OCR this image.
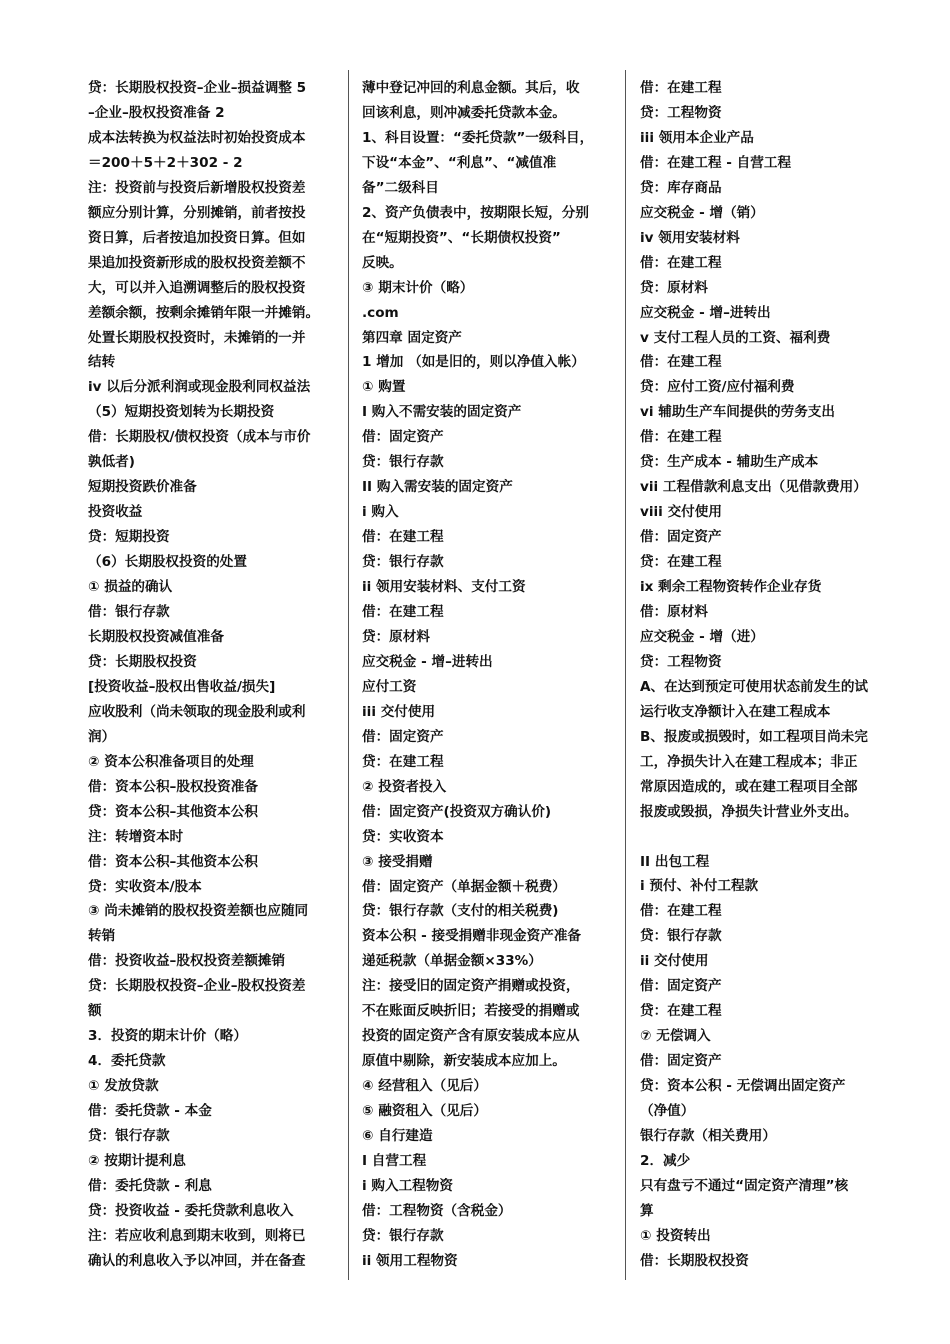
贷：长期股权投资–企业–损益调整 5

–企业–股权投资准备 2

成本法转换为权益法时初始投资成本

＝200＋5＋2＋302 - 2

注：投资前与投资后新增股权投资差

额应分别计算，分别摊销，前者按投

资日算，后者按追加投资日算。但如

果追加投资新形成的股权投资差额不

大，可以并入追溯调整后的股权投资

差额余额，按剩余摊销年限一并摊销。

处置长期股权投资时，未摊销的一并

结转

iv 以后分派利润或现金股利同权益法

（5）短期投资划转为长期投资

借：长期股权/债权投资（成本与市价

孰低者)

短期投资跌价准备

投资收益

贷：短期投资

（6）长期股权投资的处置

① 损益的确认

借：银行存款

长期股权投资减值准备

贷：长期股权投资

[投资收益–股权出售收益/损失]

应收股利（尚未领取的现金股利或利

润）

② 资本公积准备项目的处理

借：资本公积–股权投资准备

贷：资本公积–其他资本公积

注：转增资本时

借：资本公积–其他资本公积

贷：实收资本/股本

③ 尚未摊销的股权投资差额也应随同

转销

借：投资收益–股权投资差额摊销

贷：长期股权投资–企业–股权投资差

额

3．投资的期末计价（略）

4．委托贷款

① 发放贷款

借：委托贷款 - 本金

贷：银行存款

② 按期计提利息

借：委托贷款 - 利息

贷：投资收益 - 委托贷款利息收入

注：若应收利息到期末收到，则将已

确认的利息收入予以冲回，并在备查

薄中登记冲回的利息金额。其后，收

回该利息，则冲减委托贷款本金。

1、科目设置：“委托贷款”一级科目，

下设“本金”、“利息”、“减值准

备”二级科目

2、资产负债表中，按期限长短，分别

在“短期投资”、“长期债权投资”

反映。

③ 期末计价（略）

.com

第四章 固定资产

1 增加 （如是旧的，则以净值入帐）

① 购置

I 购入不需安装的固定资产

借：固定资产

贷：银行存款

II 购入需安装的固定资产

i 购入

借：在建工程

贷：银行存款

ii 领用安装材料、支付工资

借：在建工程

贷：原材料

应交税金 - 增–进转出

应付工资

iii 交付使用

借：固定资产

贷：在建工程

② 投资者投入

借：固定资产(投资双方确认价)

贷：实收资本

③ 接受捐赠

借：固定资产（单据金额＋税费）

贷：银行存款（支付的相关税费)

资本公积 - 接受捐赠非现金资产准备

递延税款（单据金额×33%）

注：接受旧的固定资产捐赠或投资，

不在账面反映折旧；若接受的捐赠或

投资的固定资产含有原安装成本应从

原值中剔除，新安装成本应加上。

④ 经营租入（见后）

⑤ 融资租入（见后）

⑥ 自行建造

I 自营工程

i 购入工程物资

借：工程物资（含税金）

贷：银行存款

ii 领用工程物资

借：在建工程

贷：工程物资

iii 领用本企业产品

借：在建工程 - 自营工程

贷：库存商品

应交税金 - 增（销）

iv 领用安装材料

借：在建工程

贷：原材料

应交税金 - 增–进转出

v 支付工程人员的工资、福利费

借：在建工程

贷：应付工资/应付福利费

vi 辅助生产车间提供的劳务支出

借：在建工程

贷：生产成本 - 辅助生产成本

vii 工程借款利息支出（见借款费用）

viii 交付使用

借：固定资产

贷：在建工程

ix 剩余工程物资转作企业存货

借：原材料

应交税金 - 增（进）

贷：工程物资

A、在达到预定可使用状态前发生的试

运行收支净额计入在建工程成本

B、报废或损毁时，如工程项目尚未完

工，净损失计入在建工程成本；非正

常原因造成的，或在建工程项目全部

报废或毁损，净损失计营业外支出。

II 出包工程

i 预付、补付工程款

借：在建工程

贷：银行存款

ii 交付使用

借：固定资产

贷：在建工程

⑦ 无偿调入

借：固定资产

贷：资本公积 - 无偿调出固定资产

（净值）

银行存款（相关费用）

2．减少

只有盘亏不通过“固定资产清理”核

算

① 投资转出

借：长期股权投资
